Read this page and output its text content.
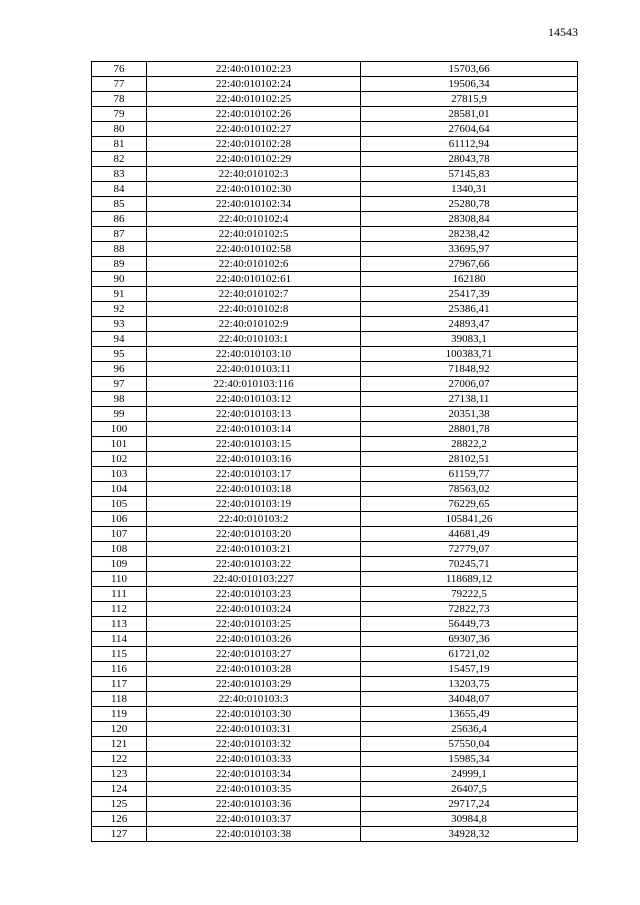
14543
76	22:40:010102:23	15703,66
77	22:40:010102:24	19506,34
78	22:40:010102:25	27815,9
79	22:40:010102:26	28581,01
80	22:40:010102:27	27604,64
81	22:40:010102:28	61112,94
82	22:40:010102:29	28043,78
83	22:40:010102:3	57145,83
84	22:40:010102:30	1340,31
85	22:40:010102:34	25280,78
86	22:40:010102:4	28308,84
87	22:40:010102:5	28238,42
88	22:40:010102:58	33695,97
89	22:40:010102:6	27967,66
90	22:40:010102:61	162180
91	22:40:010102:7	25417,39
92	22:40:010102:8	25386,41
93	22:40:010102:9	24893,47
94	22:40:010103:1	39083,1
95	22:40:010103:10	100383,71
96	22:40:010103:11	71848,92
97	22:40:010103:116	27006,07
98	22:40:010103:12	27138,11
99	22:40:010103:13	20351,38
100	22:40:010103:14	28801,78
101	22:40:010103:15	28822,2
102	22:40:010103:16	28102,51
103	22:40:010103:17	61159,77
104	22:40:010103:18	78563,02
105	22:40:010103:19	76229,65
106	22:40:010103:2	105841,26
107	22:40:010103:20	44681,49
108	22:40:010103:21	72779,07
109	22:40:010103:22	70245,71
110	22:40:010103:227	118689,12
111	22:40:010103:23	79222,5
112	22:40:010103:24	72822,73
113	22:40:010103:25	56449,73
114	22:40:010103:26	69307,36
115	22:40:010103:27	61721,02
116	22:40:010103:28	15457,19
117	22:40:010103:29	13203,75
118	22:40:010103:3	34048,07
119	22:40:010103:30	13655,49
120	22:40:010103:31	25636,4
121	22:40:010103:32	57550,04
122	22:40:010103:33	15985,34
123	22:40:010103:34	24999,1
124	22:40:010103:35	26407,5
125	22:40:010103:36	29717,24
126	22:40:010103:37	30984,8
127	22:40:010103:38	34928,32
